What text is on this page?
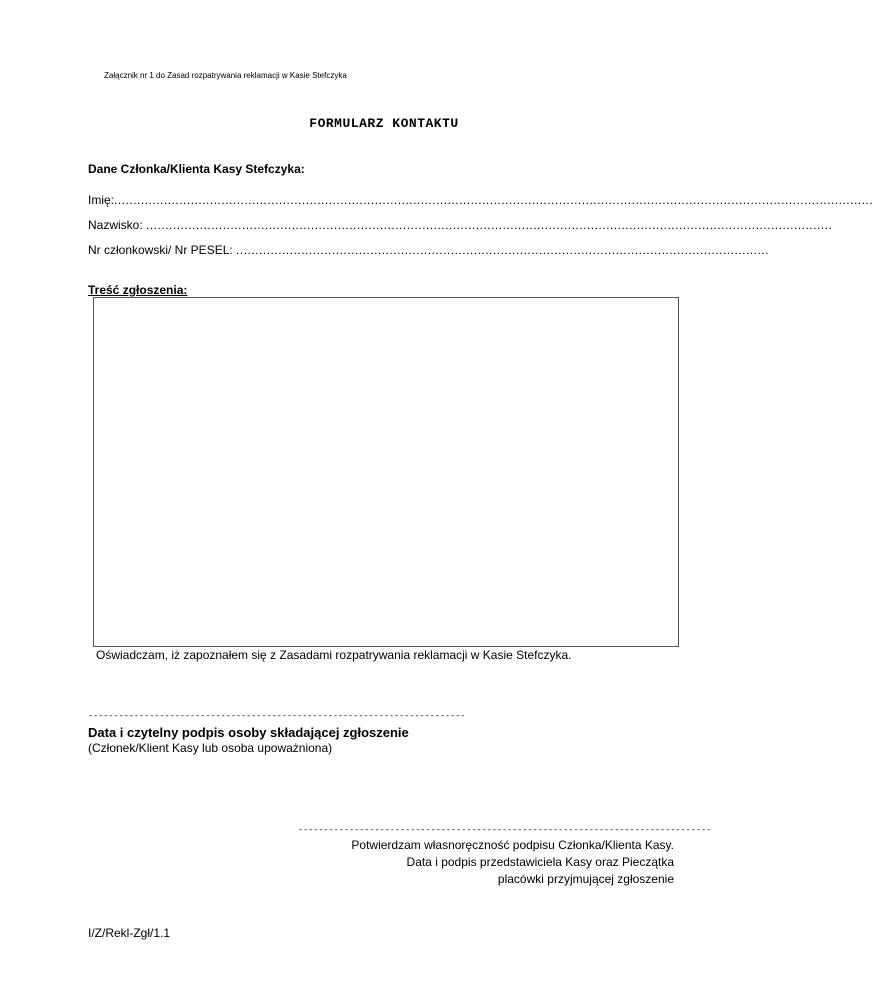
Załącznik nr 1 do Zasad rozpatrywania reklamacji w Kasie Stefczyka
FORMULARZ KONTAKTU
Dane Członka/Klienta Kasy Stefczyka:
Imię:......................................................................................................................................................................................................
Nazwisko: ...................................................................................................................................................................................
Nr członkowski/ Nr PESEL: ...........................................................................................................................................
Treść zgłoszenia:
Oświadczam, iż zapoznałem się z Zasadami rozpatrywania reklamacji w Kasie Stefczyka.
--------------------------------------------------------------------------
Data i czytelny podpis osoby składającej zgłoszenie
(Członek/Klient Kasy lub osoba upoważniona)
---------------------------------------------------------------------------------
Potwierdzam własnoręczność podpisu Członka/Klienta Kasy.
Data i podpis przedstawiciela Kasy oraz Pieczątka
placówki przyjmującej zgłoszenie
I/Z/Rekl-Zgł/1.1
